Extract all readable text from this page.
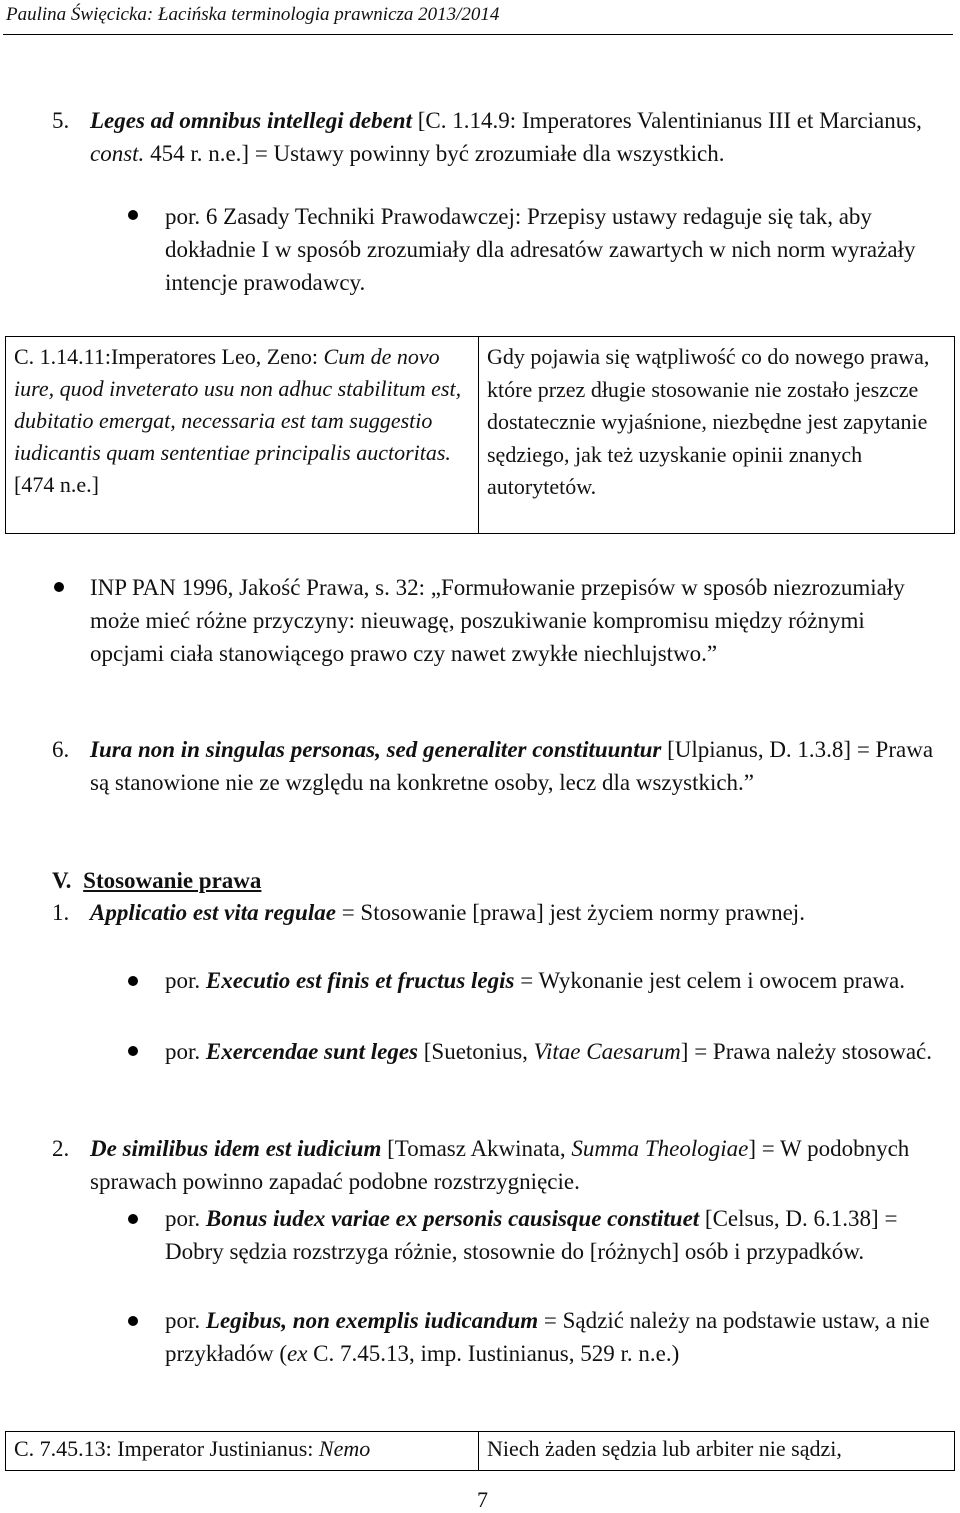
Paulina Święcicka: Łacińska terminologia prawnicza 2013/2014
5. Leges ad omnibus intellegi debent [C. 1.14.9: Imperatores Valentinianus III et Marcianus, const. 454 r. n.e.] = Ustawy powinny być zrozumiałe dla wszystkich.
por. 6 Zasady Techniki Prawodawczej: Przepisy ustawy redaguje się tak, aby dokładnie I w sposób zrozumiały dla adresatów zawartych w nich norm wyrażały intencje prawodawcy.
C. 1.14.11:Imperatores Leo, Zeno: Cum de novo iure, quod inveterato usu non adhuc stabilitum est, dubitatio emergat, necessaria est tam suggestio iudicantis quam sententiae principalis auctoritas. [474 n.e.]
Gdy pojawia się wątpliwość co do nowego prawa, które przez długie stosowanie nie zostało jeszcze dostatecznie wyjaśnione, niezbędne jest zapytanie sędziego, jak też uzyskanie opinii znanych autorytetów.
INP PAN 1996, Jakość Prawa, s. 32: „Formułowanie przepisów w sposób niezrozumiały może mieć różne przyczyny: nieuwagę, poszukiwanie kompromisu między różnymi opcjami ciała stanowiącego prawo czy nawet zwykłe niechlujstwo.”
6. Iura non in singulas personas, sed generaliter constituuntur [Ulpianus, D. 1.3.8] = Prawa są stanowione nie ze względu na konkretne osoby, lecz dla wszystkich.”
V. Stosowanie prawa
1. Applicatio est vita regulae = Stosowanie [prawa] jest życiem normy prawnej.
por. Executio est finis et fructus legis = Wykonanie jest celem i owocem prawa.
por. Exercendae sunt leges [Suetonius, Vitae Caesarum] = Prawa należy stosować.
2. De similibus idem est iudicium [Tomasz Akwinata, Summa Theologiae] = W podobnych sprawach powinno zapadać podobne rozstrzygnięcie.
por. Bonus iudex variae ex personis causisque constituet [Celsus, D. 6.1.38] = Dobry sędzia rozstrzyga różnie, stosownie do [różnych] osób i przypadków.
por. Legibus, non exemplis iudicandum = Sądzić należy na podstawie ustaw, a nie przykładów (ex C. 7.45.13, imp. Iustinianus, 529 r. n.e.)
C. 7.45.13: Imperator Justinianus: Nemo	Niech żaden sędzia lub arbiter nie sądzi,
7
